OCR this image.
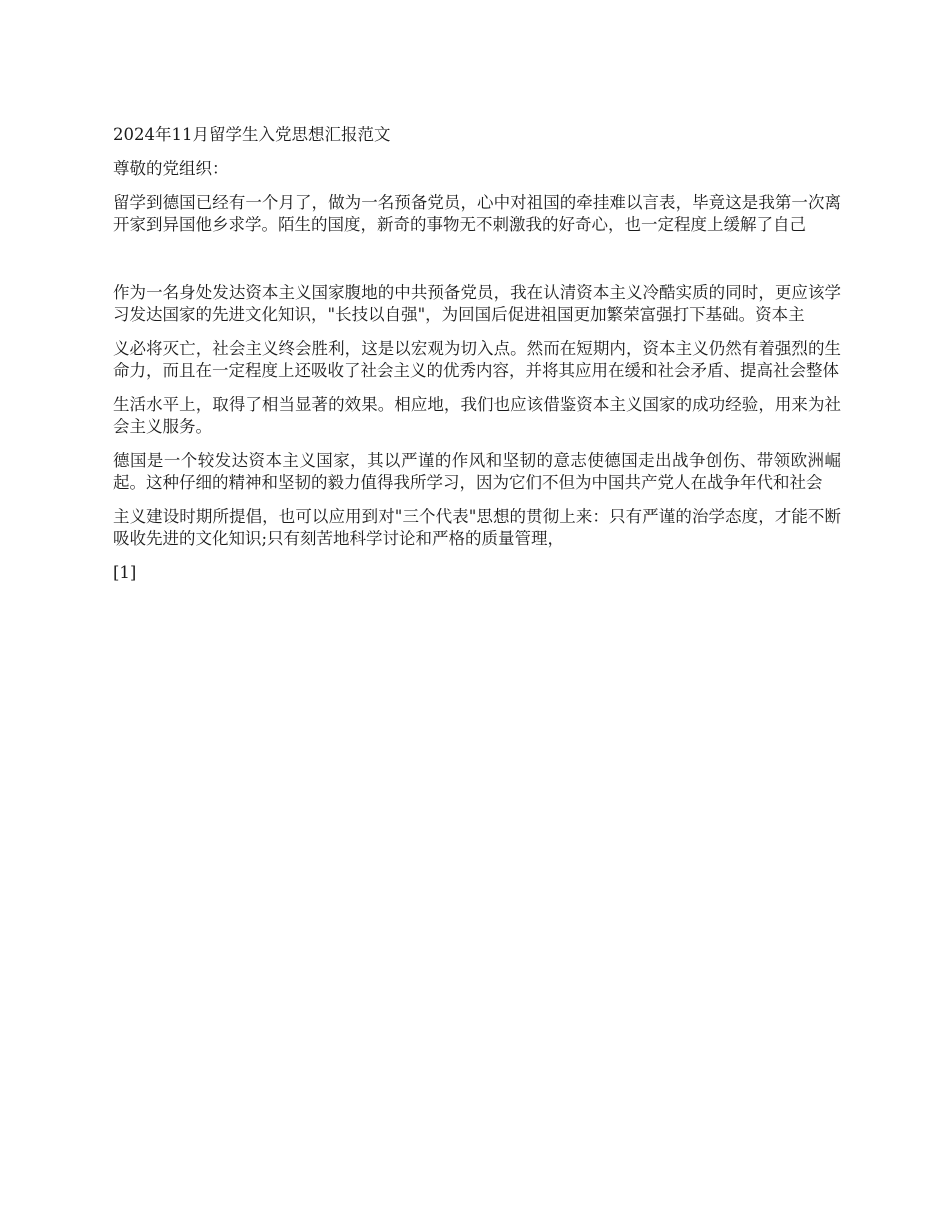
2024年11月留学生入党思想汇报范文
尊敬的党组织：
留学到德国已经有一个月了，做为一名预备党员，心中对祖国的牵挂难以言表，毕竟这是我第一次离开家到异国他乡求学。陌生的国度，新奇的事物无不刺激我的好奇心，也一定程度上缓解了自己
作为一名身处发达资本主义国家腹地的中共预备党员，我在认清资本主义冷酷实质的同时，更应该学习发达国家的先进文化知识，"长技以自强"，为回国后促进祖国更加繁荣富强打下基础。资本主
义必将灭亡，社会主义终会胜利，这是以宏观为切入点。然而在短期内，资本主义仍然有着强烈的生命力，而且在一定程度上还吸收了社会主义的优秀内容，并将其应用在缓和社会矛盾、提高社会整体
生活水平上，取得了相当显著的效果。相应地，我们也应该借鉴资本主义国家的成功经验，用来为社会主义服务。
德国是一个较发达资本主义国家，其以严谨的作风和坚韧的意志使德国走出战争创伤、带领欧洲崛起。这种仔细的精神和坚韧的毅力值得我所学习，因为它们不但为中国共产党人在战争年代和社会
主义建设时期所提倡，也可以应用到对"三个代表"思想的贯彻上来：只有严谨的治学态度，才能不断吸收先进的文化知识;只有刻苦地科学讨论和严格的质量管理，
[1]
